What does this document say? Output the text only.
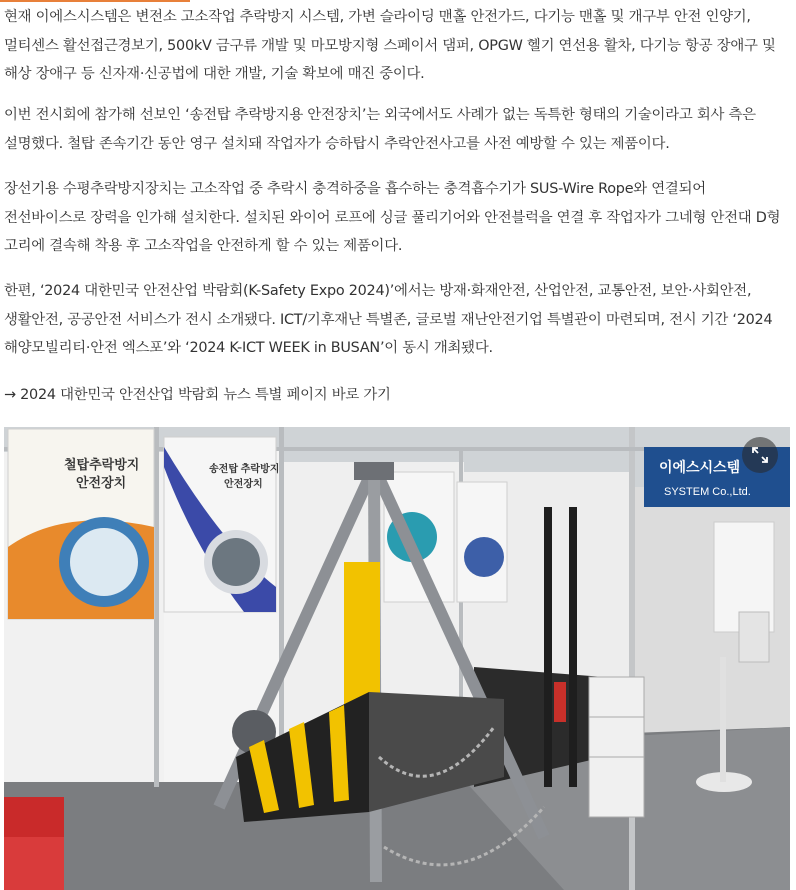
현재 이에스시스템은 변전소 고소작업 추락방지 시스템, 가변 슬라이딩 맨홀 안전가드, 다기능 맨홀 및 개구부 안전 인양기, 멀티센스 활선접근경보기, 500kV 금구류 개발 및 마모방지형 스페이서 댐퍼, OPGW 헬기 연선용 활차, 다기능 항공 장애구 및 해상 장애구 등 신자재·신공법에 대한 개발, 기술 확보에 매진 중이다.

이번 전시회에 참가해 선보인 ‘송전탑 추락방지용 안전장치’는 외국에서도 사례가 없는 독특한 형태의 기술이라고 회사 측은 설명했다. 철탑 존속기간 동안 영구 설치돼 작업자가 승하탑시 추락안전사고를 사전 예방할 수 있는 제품이다.

장선기용 수평추락방지장치는 고소작업 중 추락시 충격하중을 흡수하는 충격흡수기가 SUS-Wire Rope와 연결되어 전선바이스로 장력을 인가해 설치한다. 설치된 와이어 로프에 싱글 풀리기어와 안전블럭을 연결 후 작업자가 그네형 안전대 D형 고리에 결속해 착용 후 고소작업을 안전하게 할 수 있는 제품이다.

한편, ‘2024 대한민국 안전산업 박람회(K-Safety Expo 2024)’에서는 방재·화재안전, 산업안전, 교통안전, 보안·사회안전, 생활안전, 공공안전 서비스가 전시 소개됐다. ICT/기후재난 특별존, 글로벌 재난안전기업 특별관이 마련되며, 전시 기간 ‘2024 해양모빌리티·안전 엑스포’와 ‘2024 K-ICT WEEK in BUSAN’이 동시 개최됐다.

→ 2024 대한민국 안전산업 박람회 뉴스 특별 페이지 바로 가기
철탑추락방지
안전장치
송전탑 추락방지
안전장치
이에스시스템
SYSTEM Co.,Ltd.
